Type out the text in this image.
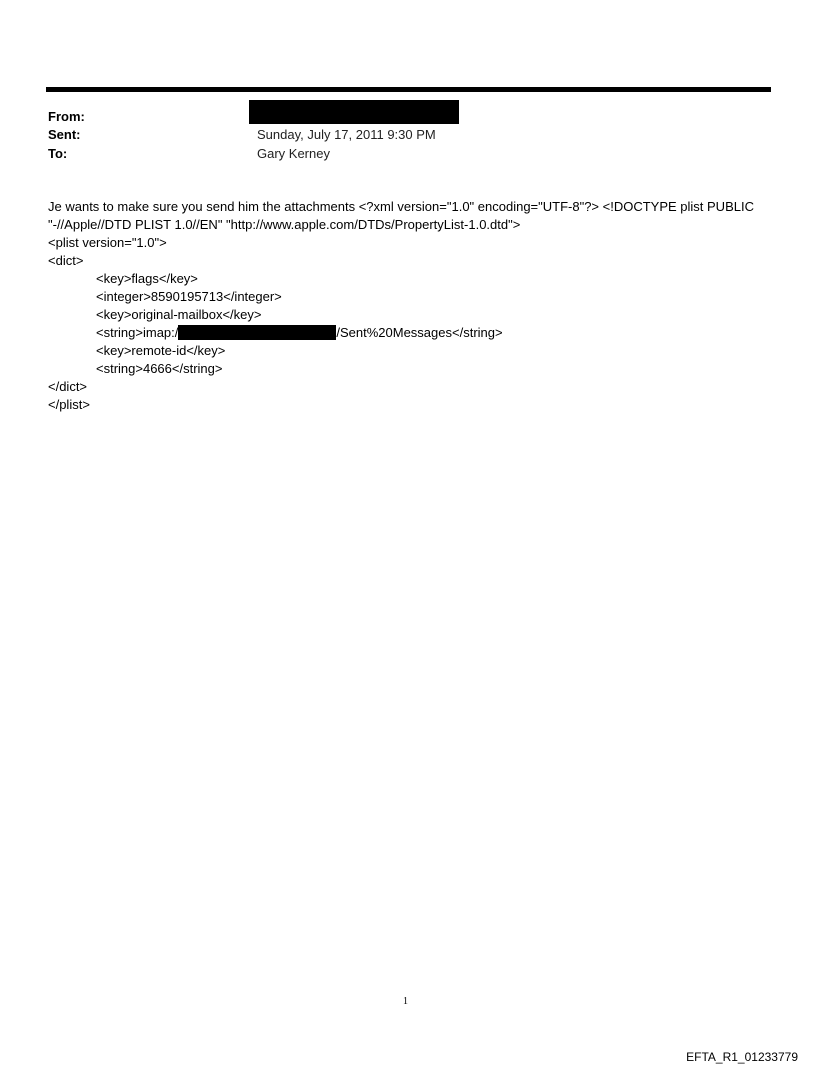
From:
Sent:	Sunday, July 17, 2011 9:30 PM
To:	Gary Kerney
Je wants to make sure you send him the attachments <?xml version="1.0" encoding="UTF-8"?> <!DOCTYPE plist PUBLIC
"-//Apple//DTD PLIST 1.0//EN" "http://www.apple.com/DTDs/PropertyList-1.0.dtd">
<plist version="1.0">
<dict>
<key>flags</key>
<integer>8590195713</integer>
<key>original-mailbox</key>
<string>imap:/	/Sent%20Messages</string>
<key>remote-id</key>
<string>4666</string>
</dict>
</plist>
1
EFTA_R1_01233779
